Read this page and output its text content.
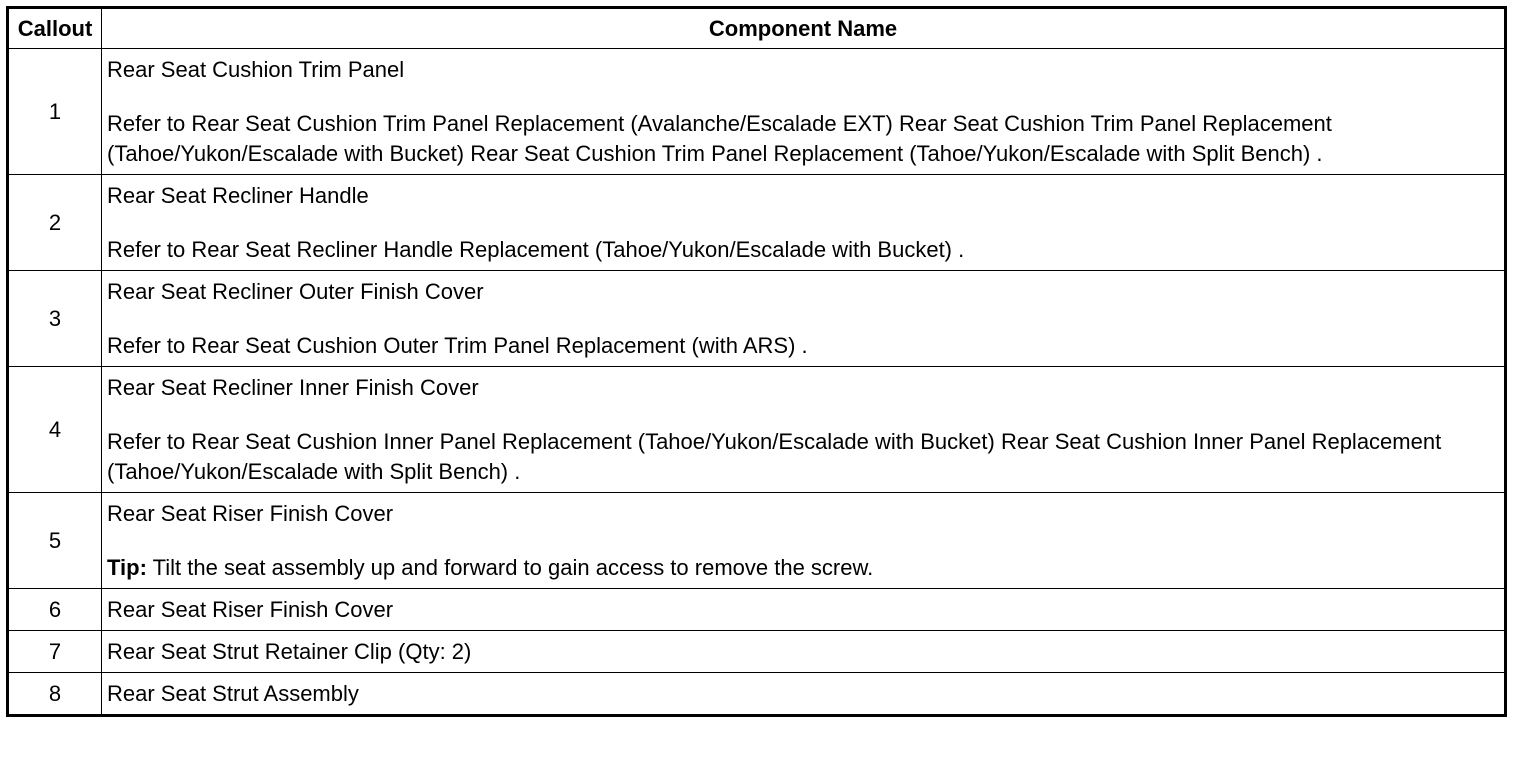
Callout	Component Name
1	Rear Seat Cushion Trim Panel
Refer to Rear Seat Cushion Trim Panel Replacement (Avalanche/Escalade EXT) Rear Seat Cushion Trim Panel Replacement (Tahoe/Yukon/Escalade with Bucket) Rear Seat Cushion Trim Panel Replacement (Tahoe/Yukon/Escalade with Split Bench) .

2	Rear Seat Recliner Handle
Refer to Rear Seat Recliner Handle Replacement (Tahoe/Yukon/Escalade with Bucket) .

3	Rear Seat Recliner Outer Finish Cover
Refer to Rear Seat Cushion Outer Trim Panel Replacement (with ARS) .

4	Rear Seat Recliner Inner Finish Cover
Refer to Rear Seat Cushion Inner Panel Replacement (Tahoe/Yukon/Escalade with Bucket) Rear Seat Cushion Inner Panel Replacement (Tahoe/Yukon/Escalade with Split Bench) .

5	Rear Seat Riser Finish Cover
Tip: Tilt the seat assembly up and forward to gain access to remove the screw.

6	Rear Seat Riser Finish Cover

7	Rear Seat Strut Retainer Clip (Qty: 2)

8	Rear Seat Strut Assembly
